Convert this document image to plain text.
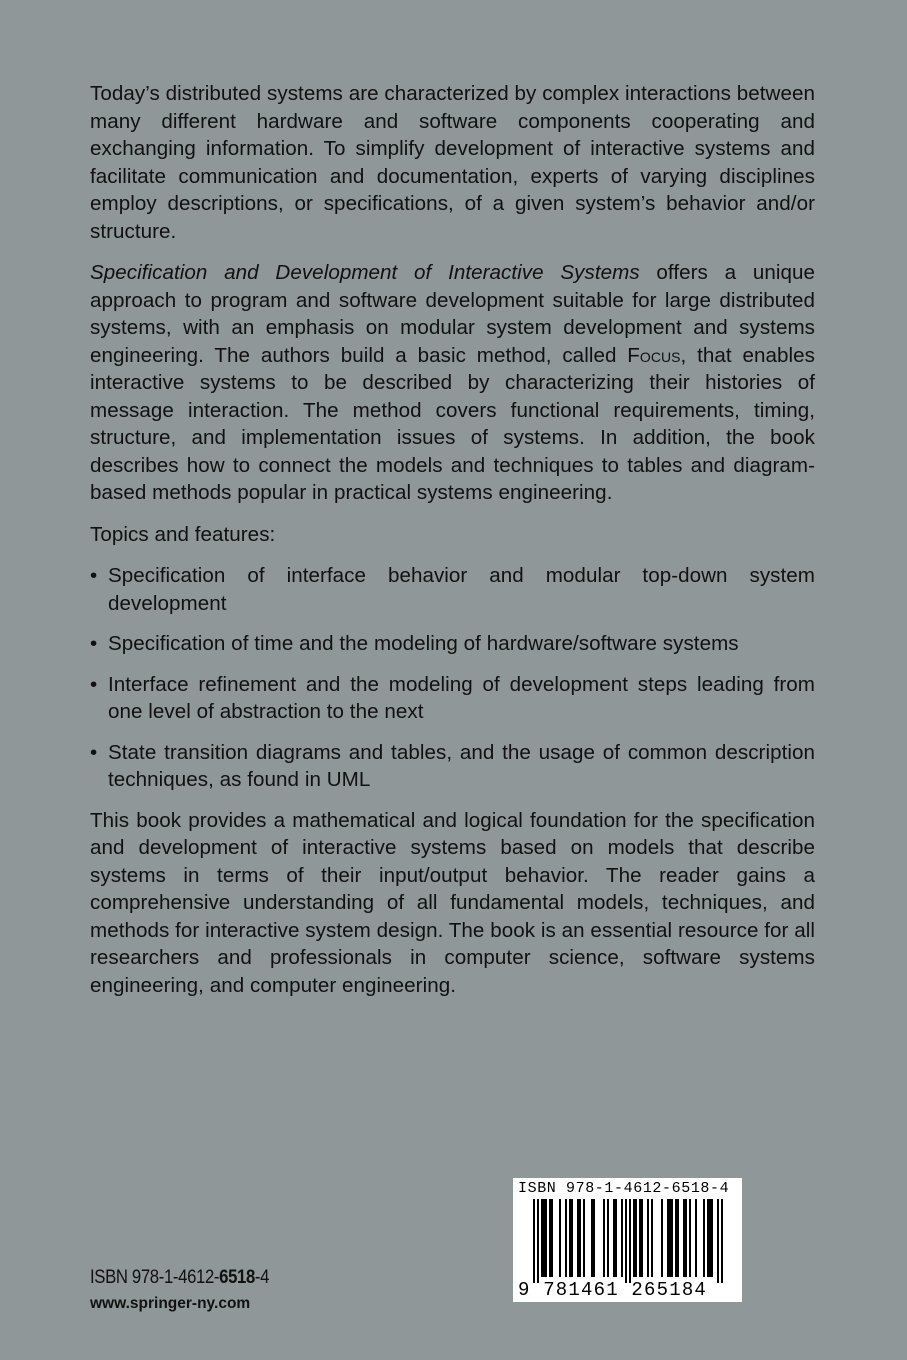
Today’s distributed systems are characterized by complex interactions between many different hardware and software components cooperating and exchanging information. To simplify development of interactive systems and facilitate communication and documentation, experts of varying disciplines employ descriptions, or specifications, of a given system’s behavior and/or structure.

Specification and Development of Interactive Systems offers a unique approach to program and software development suitable for large distributed systems, with an emphasis on modular system development and systems engineering. The authors build a basic method, called Focus, that enables interactive systems to be described by characterizing their histories of message interaction. The method covers functional requirements, timing, structure, and implementation issues of systems. In addition, the book describes how to connect the models and techniques to tables and diagram-based methods popular in practical systems engineering.

Topics and features:

• Specification of interface behavior and modular top-down system development
• Specification of time and the modeling of hardware/software systems
• Interface refinement and the modeling of development steps leading from one level of abstraction to the next
• State transition diagrams and tables, and the usage of common description techniques, as found in UML

This book provides a mathematical and logical foundation for the specification and development of interactive systems based on models that describe systems in terms of their input/output behavior. The reader gains a comprehensive understanding of all fundamental models, techniques, and methods for interactive system design. The book is an essential resource for all researchers and professionals in computer science, software systems engineering, and computer engineering.

ISBN 978-1-4612-6518-4
www.springer-ny.com
ISBN 978-1-4612-6518-4
9 781461 265184
